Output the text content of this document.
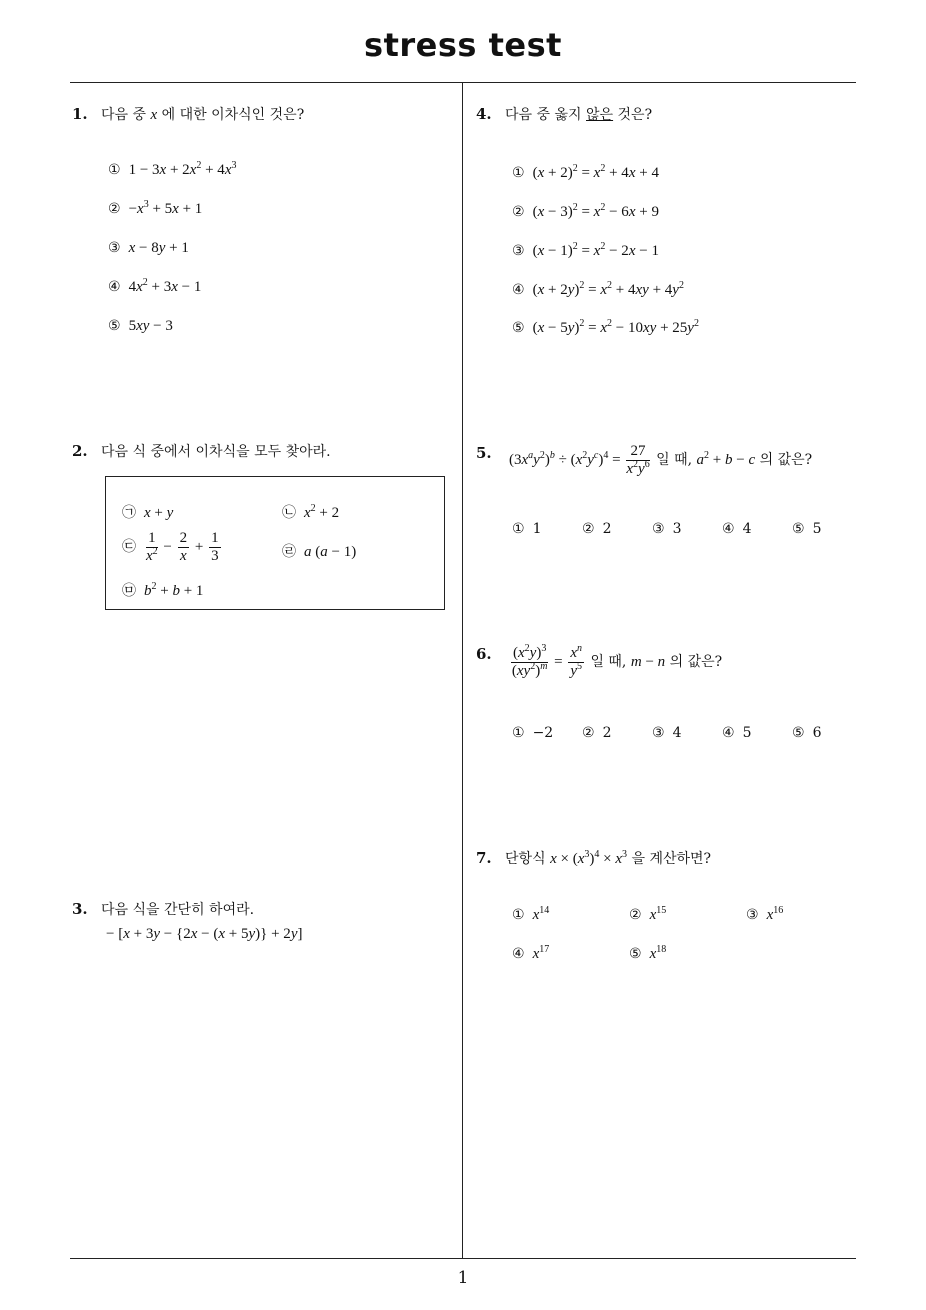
stress test
1. 다음 중 x 에 대한 이차식인 것은?
① $1 - 3x + 2x^2 + 4x^3$
② $-x^3 + 5x + 1$
③ x − 8y + 1
④ $4x^2 + 3x - 1$
⑤ 5xy − 3
2. 다음 식 중에서 이차식을 모두 찾아라.
㉠ x + y	㉡ $x^2 + 2$
㉢ $\frac{1}{x^2} - \frac{2}{x} + \frac{1}{3}$	㉣ a (a − 1)
㉤ $b^2 + b + 1$
3. 다음 식을 간단히 하여라.
− [x + 3y − {2x − (x + 5y)} + 2y]
4. 다음 중 옳지 않은 것은?
① $(x + 2)^2 = x^2 + 4x + 4$
② $(x - 3)^2 = x^2 - 6x + 9$
③ $(x - 1)^2 = x^2 - 2x - 1$
④ $(x + 2y)^2 = x^2 + 4xy + 4y^2$
⑤ $(x - 5y)^2 = x^2 - 10xy + 25y^2$
5. $(3x^ay^2)^b \div (x^2y^c)^4 = \frac{27}{x^2y^6}$ 일 때, $a^2 + b - c$ 의 값은?
① 1	② 2	③ 3	④ 4	⑤ 5
6. $\frac{(x^2y)^3}{(xy^2)^m} = \frac{x^n}{y^5}$ 일 때, m − n 의 값은?
① −2 ② 2	③ 4	④ 5	⑤ 6
7. 단항식 $x \times (x^3)^4 \times x^3$ 을 계산하면?
① $x^{14}$	② $x^{15}$	③ $x^{16}$
④ $x^{17}$	⑤ $x^{18}$
1
